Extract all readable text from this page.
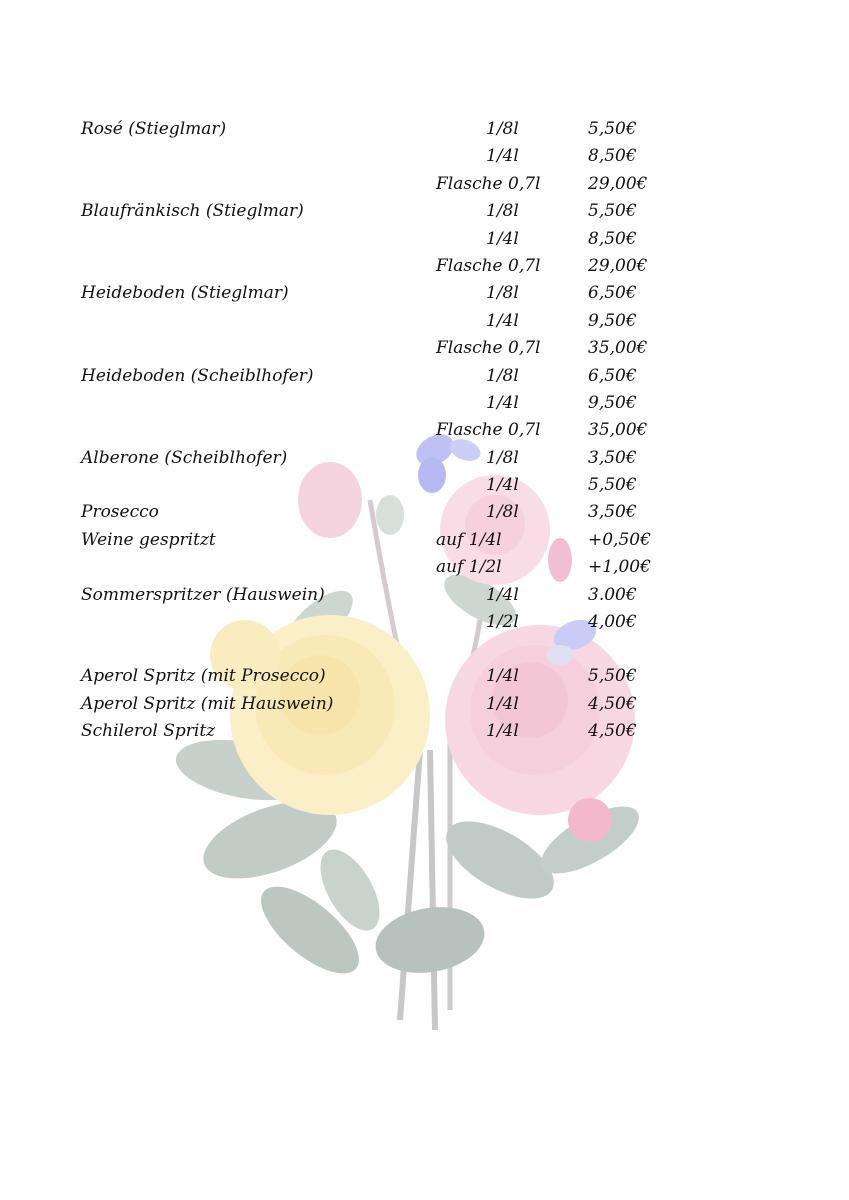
Rosé (Stieglmar)	1/8l	5,50€
1/4l	8,50€
Flasche 0,7l	29,00€
Blaufränkisch (Stieglmar)	1/8l	5,50€
1/4l	8,50€
Flasche 0,7l	29,00€
Heideboden (Stieglmar)	1/8l	6,50€
1/4l	9,50€
Flasche 0,7l	35,00€
Heideboden (Scheiblhofer)	1/8l	6,50€
1/4l	9,50€
Flasche 0,7l	35,00€
Alberone (Scheiblhofer)	1/8l	3,50€
1/4l	5,50€
Prosecco	1/8l	3,50€
Weine gespritzt	auf 1/4l	+0,50€
auf 1/2l	+1,00€
Sommerspritzer (Hauswein)	1/4l	3.00€
1/2l	4,00€
Aperol Spritz (mit Prosecco)	1/4l	5,50€
Aperol Spritz (mit Hauswein)	1/4l	4,50€
Schilerol Spritz	1/4l	4,50€
